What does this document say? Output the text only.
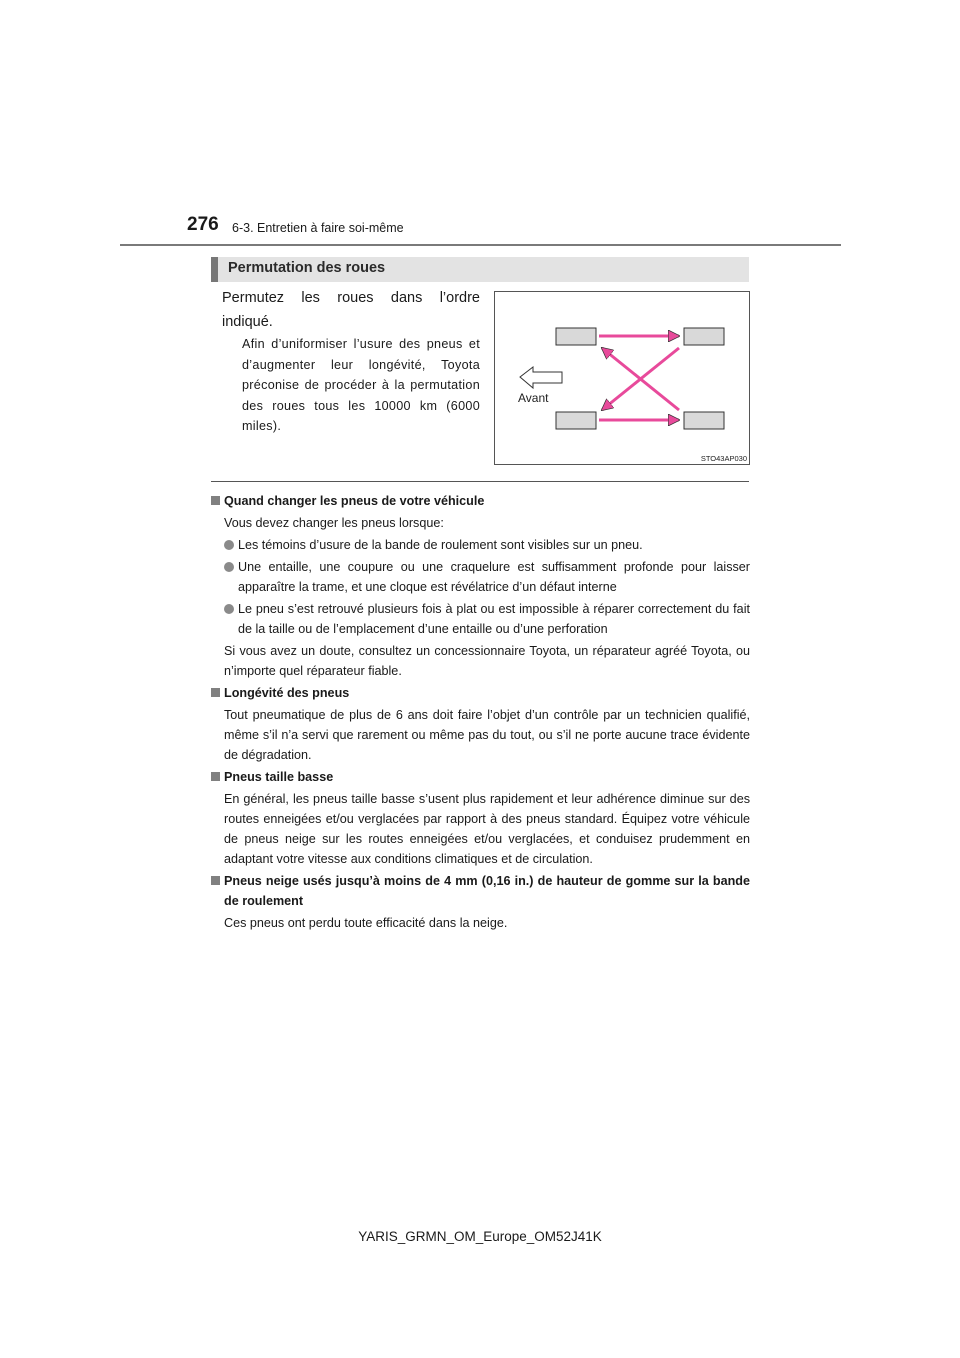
276 6-3. Entretien à faire soi-même
Permutation des roues
Permutez les roues dans l’ordre indiqué.
Afin d’uniformiser l’usure des pneus et d’augmenter leur longévité, Toyota préconise de procéder à la permutation des roues tous les 10000 km (6000 miles).
Avant
STO43AP030
Quand changer les pneus de votre véhicule
Vous devez changer les pneus lorsque:
Les témoins d’usure de la bande de roulement sont visibles sur un pneu.
Une entaille, une coupure ou une craquelure est suffisamment profonde pour laisser apparaître la trame, et une cloque est révélatrice d’un défaut interne
Le pneu s’est retrouvé plusieurs fois à plat ou est impossible à réparer correctement du fait de la taille ou de l’emplacement d’une entaille ou d’une perforation
Si vous avez un doute, consultez un concessionnaire Toyota, un réparateur agréé Toyota, ou n’importe quel réparateur fiable.
Longévité des pneus
Tout pneumatique de plus de 6 ans doit faire l’objet d’un contrôle par un technicien qualifié, même s’il n’a servi que rarement ou même pas du tout, ou s’il ne porte aucune trace évidente de dégradation.
Pneus taille basse
En général, les pneus taille basse s’usent plus rapidement et leur adhérence diminue sur des routes enneigées et/ou verglacées par rapport à des pneus standard. Équipez votre véhicule de pneus neige sur les routes enneigées et/ou verglacées, et conduisez prudemment en adaptant votre vitesse aux conditions climatiques et de circulation.
Pneus neige usés jusqu’à moins de 4 mm (0,16 in.) de hauteur de gomme sur la bande de roulement
Ces pneus ont perdu toute efficacité dans la neige.
YARIS_GRMN_OM_Europe_OM52J41K
